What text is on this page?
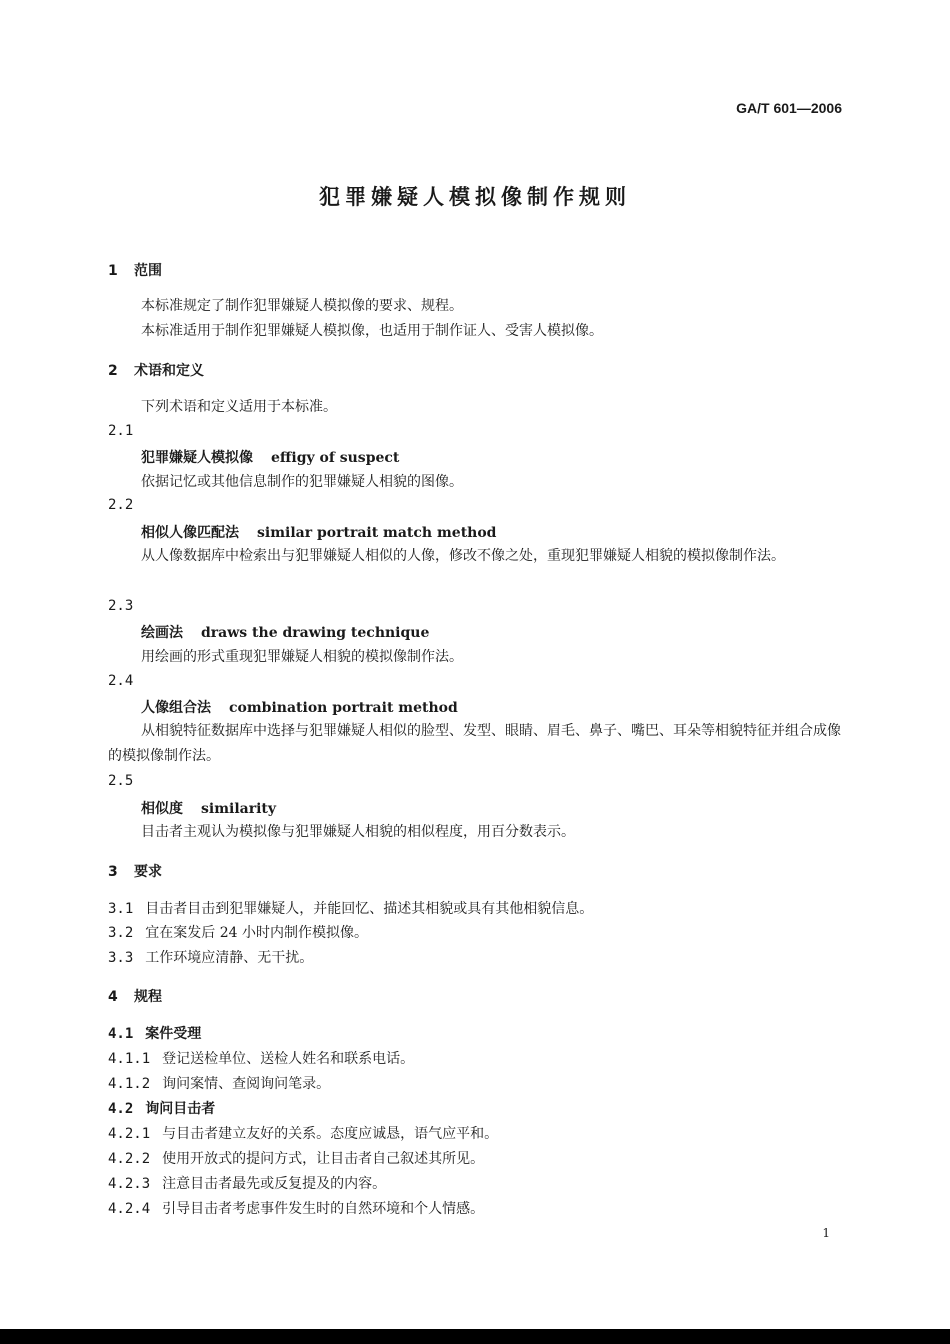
GA/T 601—2006
犯罪嫌疑人模拟像制作规则
1 范围
本标准规定了制作犯罪嫌疑人模拟像的要求、规程。
本标准适用于制作犯罪嫌疑人模拟像，也适用于制作证人、受害人模拟像。
2 术语和定义
下列术语和定义适用于本标准。
2.1
犯罪嫌疑人模拟像 effigy of suspect
依据记忆或其他信息制作的犯罪嫌疑人相貌的图像。
2.2
相似人像匹配法 similar portrait match method
从人像数据库中检索出与犯罪嫌疑人相似的人像，修改不像之处，重现犯罪嫌疑人相貌的模拟像制作法。
2.3
绘画法 draws the drawing technique
用绘画的形式重现犯罪嫌疑人相貌的模拟像制作法。
2.4
人像组合法 combination portrait method
从相貌特征数据库中选择与犯罪嫌疑人相似的脸型、发型、眼睛、眉毛、鼻子、嘴巴、耳朵等相貌特征并组合成像的模拟像制作法。
2.5
相似度 similarity
目击者主观认为模拟像与犯罪嫌疑人相貌的相似程度，用百分数表示。
3 要求
3.1 目击者目击到犯罪嫌疑人，并能回忆、描述其相貌或具有其他相貌信息。
3.2 宜在案发后 24 小时内制作模拟像。
3.3 工作环境应清静、无干扰。
4 规程
4.1 案件受理
4.1.1 登记送检单位、送检人姓名和联系电话。
4.1.2 询问案情、查阅询问笔录。
4.2 询问目击者
4.2.1 与目击者建立友好的关系。态度应诚恳，语气应平和。
4.2.2 使用开放式的提问方式，让目击者自己叙述其所见。
4.2.3 注意目击者最先或反复提及的内容。
4.2.4 引导目击者考虑事件发生时的自然环境和个人情感。
1
